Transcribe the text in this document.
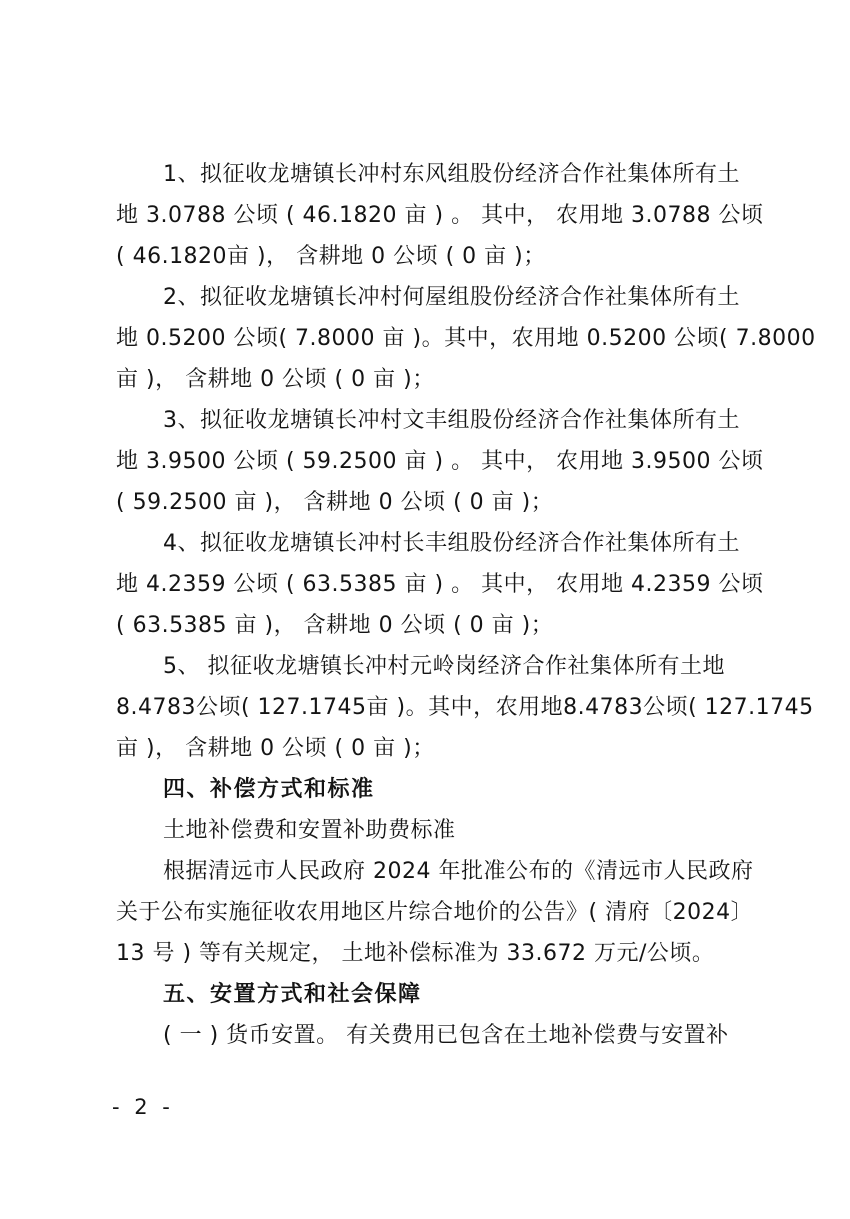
1、拟征收龙塘镇长冲村东风组股份经济合作社集体所有土
地 3.0788 公顷 ( 46.1820 亩 ) 。 其中， 农用地 3.0788 公顷
( 46.1820亩 )， 含耕地 0 公顷 ( 0 亩 )；
2、拟征收龙塘镇长冲村何屋组股份经济合作社集体所有土
地 0.5200 公顷( 7.8000 亩 )。其中，农用地 0.5200 公顷( 7.8000
亩 )， 含耕地 0 公顷 ( 0 亩 )；
3、拟征收龙塘镇长冲村文丰组股份经济合作社集体所有土
地 3.9500 公顷 ( 59.2500 亩 ) 。 其中， 农用地 3.9500 公顷
( 59.2500 亩 )， 含耕地 0 公顷 ( 0 亩 )；
4、拟征收龙塘镇长冲村长丰组股份经济合作社集体所有土
地 4.2359 公顷 ( 63.5385 亩 ) 。 其中， 农用地 4.2359 公顷
( 63.5385 亩 )， 含耕地 0 公顷 ( 0 亩 )；
5、 拟征收龙塘镇长冲村元岭岗经济合作社集体所有土地
8.4783公顷( 127.1745亩 )。其中，农用地8.4783公顷( 127.1745
亩 )， 含耕地 0 公顷 ( 0 亩 )；
四、补偿方式和标准
土地补偿费和安置补助费标准
根据清远市人民政府 2024 年批准公布的《清远市人民政府
关于公布实施征收农用地区片综合地价的公告》( 清府〔2024〕
13 号 ) 等有关规定， 土地补偿标准为 33.672 万元/公顷。
五、安置方式和社会保障
( 一 ) 货币安置。 有关费用已包含在土地补偿费与安置补
- 2 -
